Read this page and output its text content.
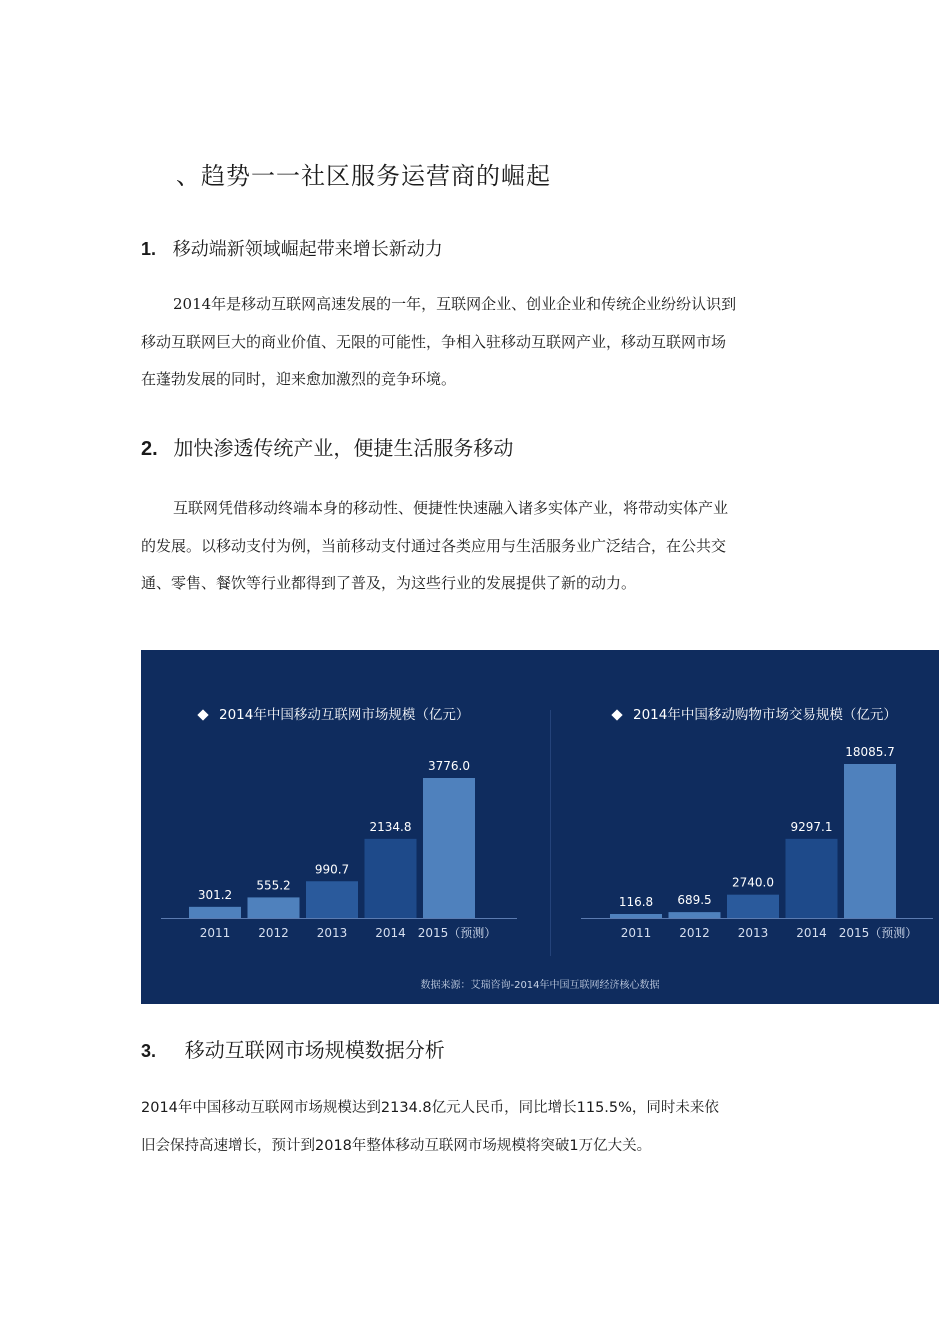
、趋势一一社区服务运营商的崛起
1. 移动端新领域崛起带来增长新动力
2014年是移动互联网高速发展的一年，互联网企业、创业企业和传统企业纷纷认识到
移动互联网巨大的商业价值、无限的可能性，争相入驻移动互联网产业，移动互联网市场
在蓬勃发展的同时，迎来愈加激烈的竞争环境。
2. 加快渗透传统产业，便捷生活服务移动
互联网凭借移动终端本身的移动性、便捷性快速融入诸多实体产业，将带动实体产业
的发展。以移动支付为例，当前移动支付通过各类应用与生活服务业广泛结合，在公共交
通、零售、餐饮等行业都得到了普及，为这些行业的发展提供了新的动力。
301.2
2011
555.2
2012
990.7
2013
2134.8
2014
3776.0
2015（预测）
116.8
2011
689.5
2012
2740.0
2013
9297.1
2014
18085.7
2015（预测）
2014年中国移动互联网市场规模（亿元）	2014年中国移动购物市场交易规模（亿元）
数据来源：艾瑞咨询-2014年中国互联网经济核心数据
3. 移动互联网市场规模数据分析
2014年中国移动互联网市场规模达到2134.8亿元人民币，同比增长115.5%，同时未来依
旧会保持高速增长，预计到2018年整体移动互联网市场规模将突破1万亿大关。
